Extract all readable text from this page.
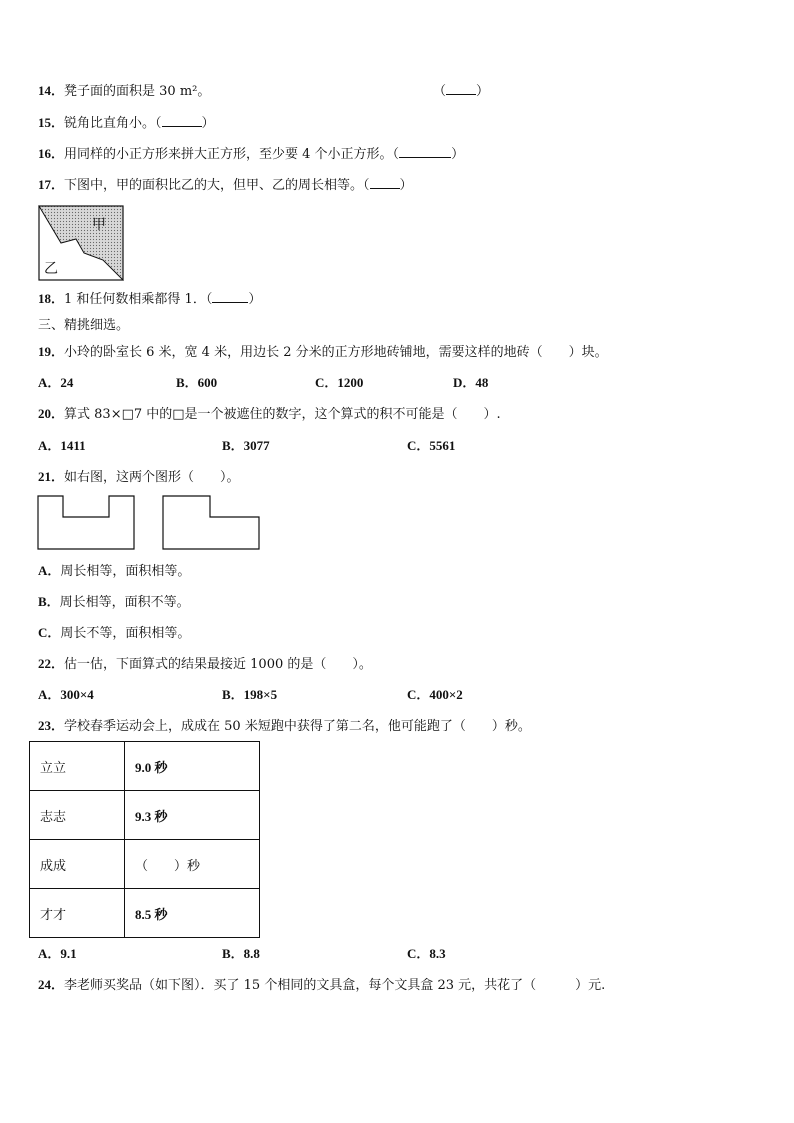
14．凳子面的面积是 30 m²。	（ ）
15．锐角比直角小。（	）
16．用同样的小正方形来拼大正方形，至少要 4 个小正方形。（	）
17．下图中，甲的面积比乙的大，但甲、乙的周长相等。（ ）
甲
乙
18．1 和任何数相乘都得 1．（	）
三、精挑细选。
19．小玲的卧室长 6 米，宽 4 米，用边长 2 分米的正方形地砖铺地，需要这样的地砖（　　）块。
A．24	B．600	C．1200	D．48
20．算式 83×□7 中的□是一个被遮住的数字，这个算式的积不可能是（　　）.
A．1411	B．3077	C．5561
21．如右图，这两个图形（　　）。
A．周长相等，面积相等。
B．周长相等，面积不等。
C．周长不等，面积相等。
22．估一估，下面算式的结果最接近 1000 的是（　　）。
A．300×4	B．198×5	C．400×2
23．学校春季运动会上，成成在 50 米短跑中获得了第二名，他可能跑了（　　）秒。
立立	9.0 秒
志志	9.3 秒
成成	（　　）秒
才才	8.5 秒
A．9.1	B．8.8	C．8.3
24．李老师买奖品（如下图）．买了 15 个相同的文具盒，每个文具盒 23 元，共花了（　　　）元.
